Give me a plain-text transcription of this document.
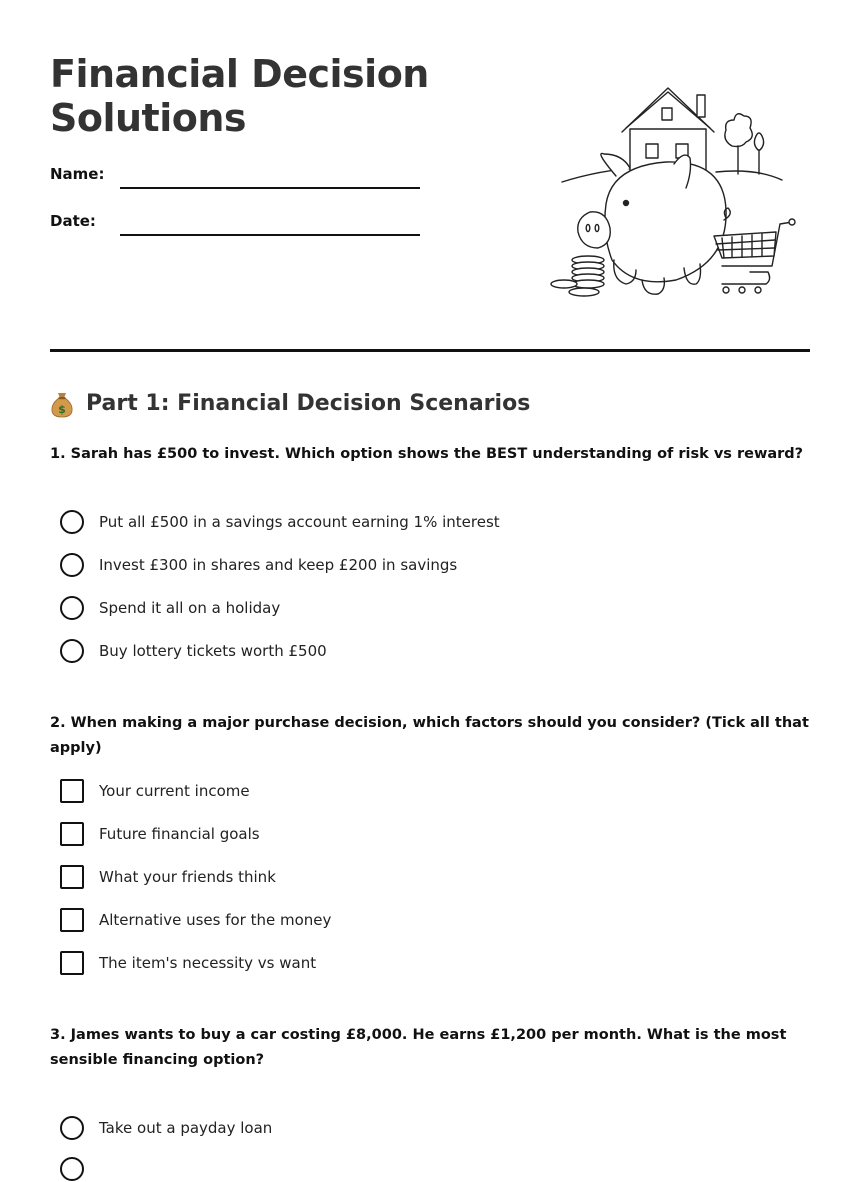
Financial Decision
Solutions
Name:
Date:
$ Part 1: Financial Decision Scenarios

1. Sarah has £500 to invest. Which option shows the BEST understanding of risk vs reward?

Put all £500 in a savings account earning 1% interest
Invest £300 in shares and keep £200 in savings
Spend it all on a holiday
Buy lottery tickets worth £500

2. When making a major purchase decision, which factors should you consider? (Tick all that apply)

Your current income
Future financial goals
What your friends think
Alternative uses for the money
The item's necessity vs want

3. James wants to buy a car costing £8,000. He earns £1,200 per month. What is the most sensible financing option?

Take out a payday loan
